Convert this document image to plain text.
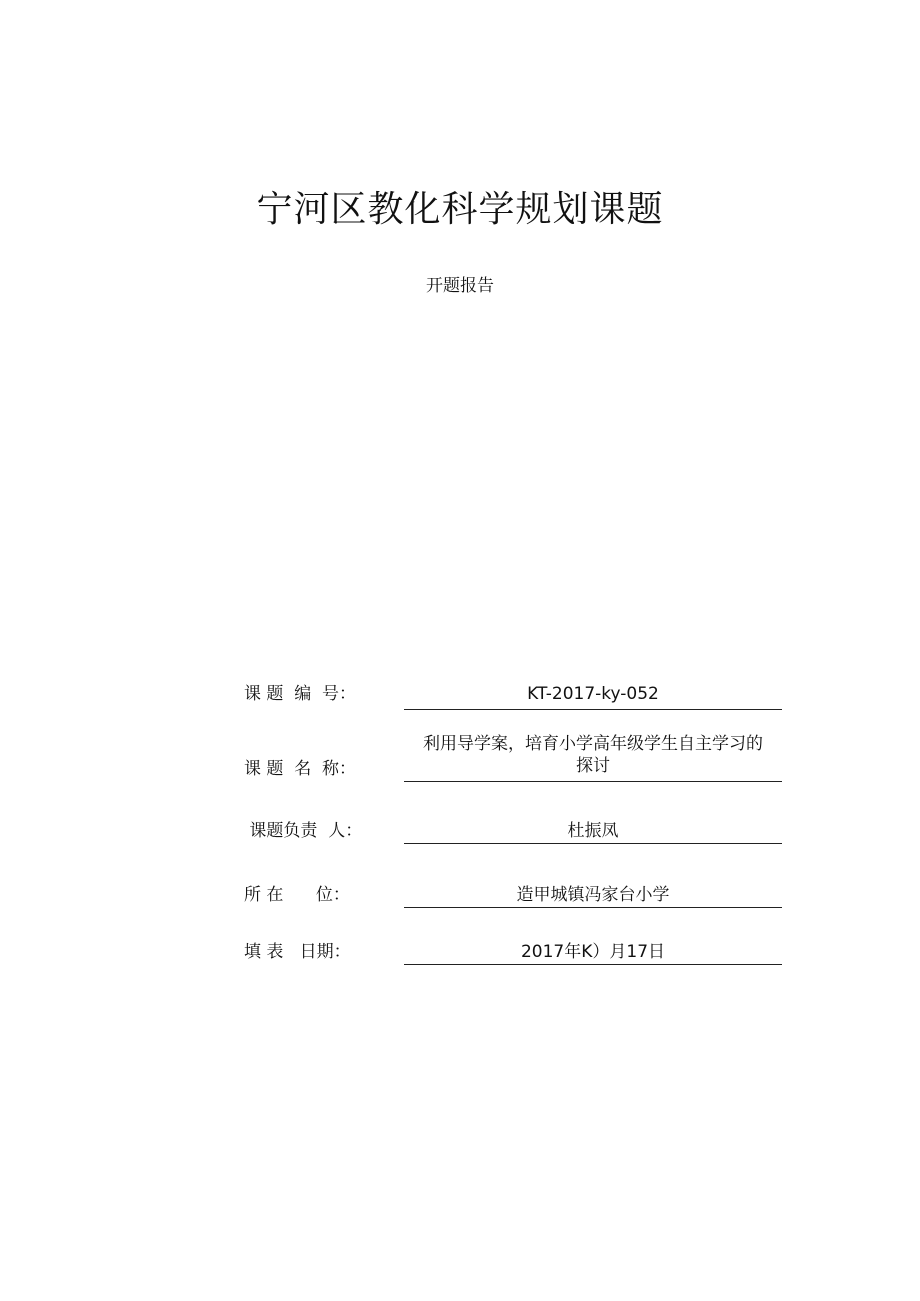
宁河区教化科学规划课题
开题报告
课 题  编  号：	KT-2017-ky-052
课 题  名  称：
利用导学案，培育小学高年级学生自主学习的
探讨
课题负责  人：	杜振凤
所 在      位：	造甲城镇冯家台小学
填 表   日期：	2017年K）月17日
